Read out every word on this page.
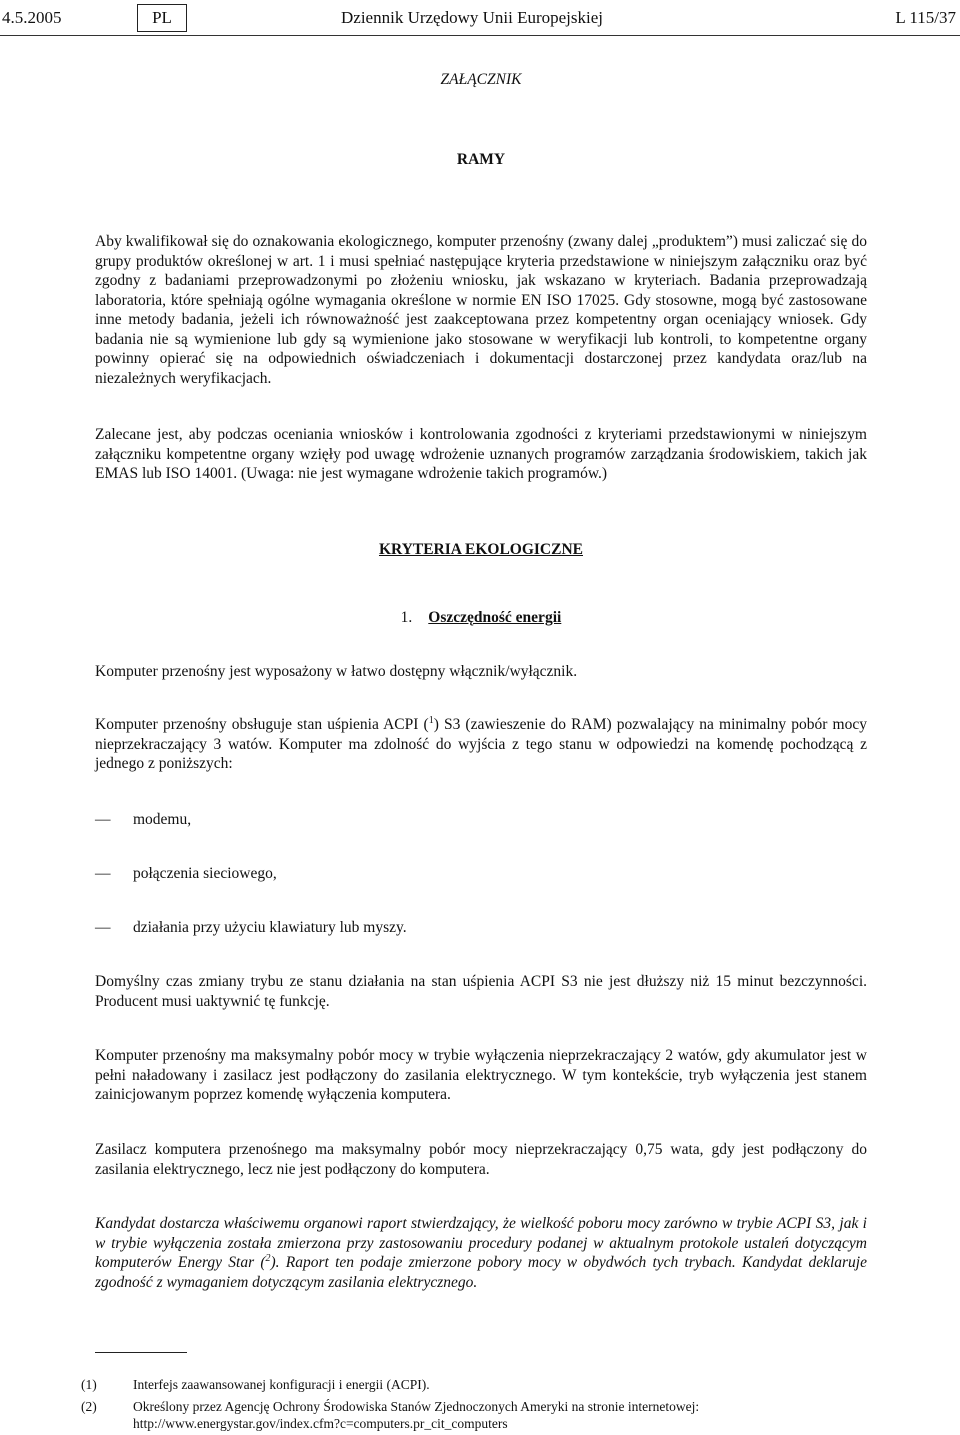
4.5.2005	PL	Dziennik Urzędowy Unii Europejskiej	L 115/37
ZAŁĄCZNIK
RAMY
Aby kwalifikował się do oznakowania ekologicznego, komputer przenośny (zwany dalej „produktem”) musi zaliczać się do grupy produktów określonej w art. 1 i musi spełniać następujące kryteria przedstawione w niniejszym załączniku oraz być zgodny z badaniami przeprowadzonymi po złożeniu wniosku, jak wskazano w kryteriach. Badania przeprowadzają laboratoria, które spełniają ogólne wymagania określone w normie EN ISO 17025. Gdy stosowne, mogą być zastosowane inne metody badania, jeżeli ich równoważność jest zaakceptowana przez kompetentny organ oceniający wniosek. Gdy badania nie są wymienione lub gdy są wymienione jako stosowane w weryfikacji lub kontroli, to kompetentne organy powinny opierać się na odpowiednich oświadczeniach i dokumentacji dostarczonej przez kandydata oraz/lub na niezależnych weryfikacjach.
Zalecane jest, aby podczas oceniania wniosków i kontrolowania zgodności z kryteriami przedstawionymi w niniejszym załączniku kompetentne organy wzięły pod uwagę wdrożenie uznanych programów zarządzania środowiskiem, takich jak EMAS lub ISO 14001. (Uwaga: nie jest wymagane wdrożenie takich programów.)
KRYTERIA EKOLOGICZNE
1. Oszczędność energii
Komputer przenośny jest wyposażony w łatwo dostępny włącznik/wyłącznik.
Komputer przenośny obsługuje stan uśpienia ACPI ($^1$) S3 (zawieszenie do RAM) pozwalający na minimalny pobór mocy nieprzekraczający 3 watów. Komputer ma zdolność do wyjścia z tego stanu w odpowiedzi na komendę pochodzącą z jednego z poniższych:
— modemu,
— połączenia sieciowego,
— działania przy użyciu klawiatury lub myszy.
Domyślny czas zmiany trybu ze stanu działania na stan uśpienia ACPI S3 nie jest dłuższy niż 15 minut bezczynności. Producent musi uaktywnić tę funkcję.
Komputer przenośny ma maksymalny pobór mocy w trybie wyłączenia nieprzekraczający 2 watów, gdy akumulator jest w pełni naładowany i zasilacz jest podłączony do zasilania elektrycznego. W tym kontekście, tryb wyłączenia jest stanem zainicjowanym poprzez komendę wyłączenia komputera.
Zasilacz komputera przenośnego ma maksymalny pobór mocy nieprzekraczający 0,75 wata, gdy jest podłączony do zasilania elektrycznego, lecz nie jest podłączony do komputera.
Kandydat dostarcza właściwemu organowi raport stwierdzający, że wielkość poboru mocy zarówno w trybie ACPI S3, jak i w trybie wyłączenia została zmierzona przy zastosowaniu procedury podanej w aktualnym protokole ustaleń dotyczącym komputerów Energy Star ($^2$). Raport ten podaje zmierzone pobory mocy w obydwóch tych trybach. Kandydat deklaruje zgodność z wymaganiem dotyczącym zasilania elektrycznego.
(1)	Interfejs zaawansowanej konfiguracji i energii (ACPI).
(2)	Określony przez Agencję Ochrony Środowiska Stanów Zjednoczonych Ameryki na stronie internetowej: http://www.energystar.gov/index.cfm?c=computers.pr_cit_computers
